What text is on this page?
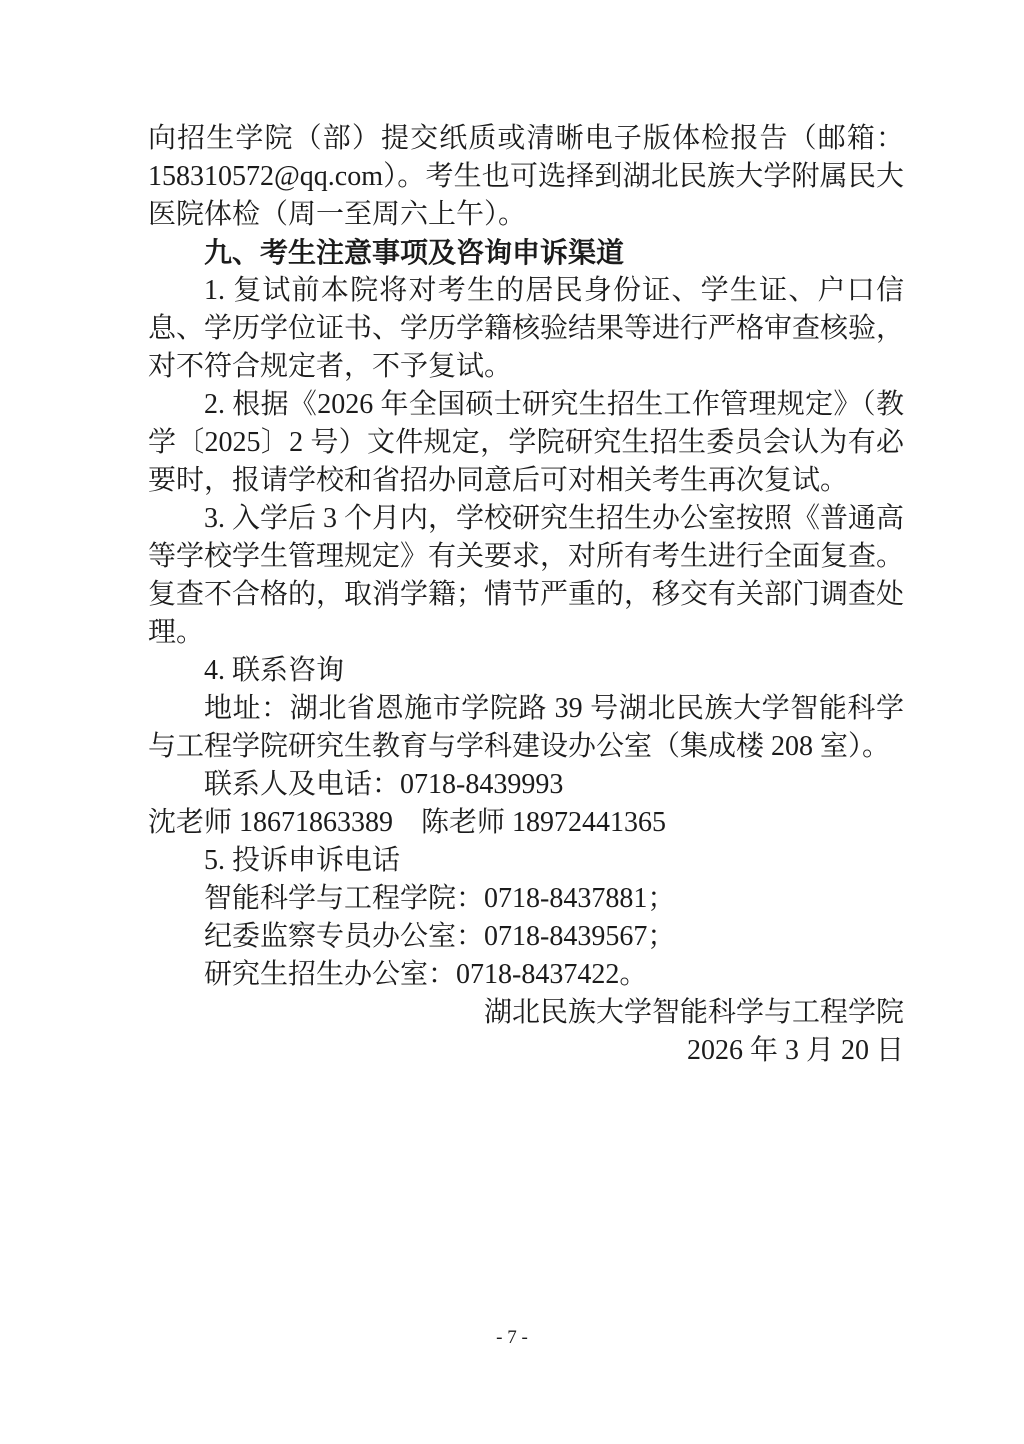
向招生学院（部）提交纸质或清晰电子版体检报告（邮箱：158310572@qq.com）。考生也可选择到湖北民族大学附属民大医院体检（周一至周六上午）。

九、考生注意事项及咨询申诉渠道

1. 复试前本院将对考生的居民身份证、学生证、户口信息、学历学位证书、学历学籍核验结果等进行严格审查核验，对不符合规定者，不予复试。

2. 根据《2026 年全国硕士研究生招生工作管理规定》（教学〔2025〕2 号）文件规定，学院研究生招生委员会认为有必要时，报请学校和省招办同意后可对相关考生再次复试。

3. 入学后 3 个月内，学校研究生招生办公室按照《普通高等学校学生管理规定》有关要求，对所有考生进行全面复查。复查不合格的，取消学籍；情节严重的，移交有关部门调查处理。

4. 联系咨询

地址：湖北省恩施市学院路 39 号湖北民族大学智能科学与工程学院研究生教育与学科建设办公室（集成楼 208 室）。

联系人及电话：0718-8439993

沈老师 18671863389　陈老师 18972441365

5. 投诉申诉电话

智能科学与工程学院：0718-8437881；

纪委监察专员办公室：0718-8439567；

研究生招生办公室：0718-8437422。

湖北民族大学智能科学与工程学院

2026 年 3 月 20 日

- 7 -
